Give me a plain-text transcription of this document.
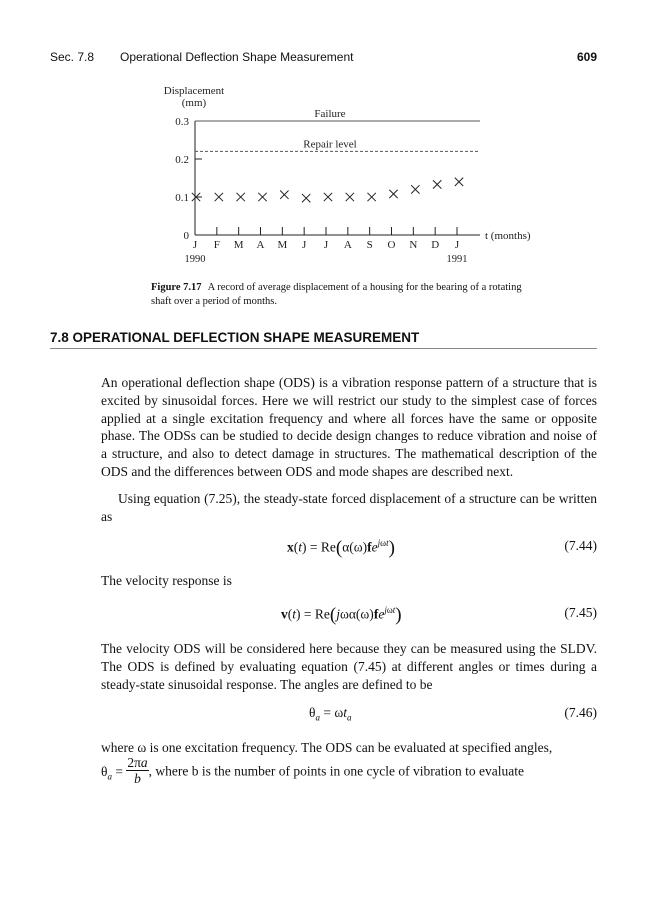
Sec. 7.8 Operational Deflection Shape Measurement	609
Displacement
(mm)
0
0.1
0.2
0.3
Failure
Repair level
J F M A M J J A S O N D J
1990	1991
t (months)
Figure 7.17 A record of average displacement of a housing for the bearing of a rotating shaft over a period of months.
7.8 OPERATIONAL DEFLECTION SHAPE MEASUREMENT

An operational deflection shape (ODS) is a vibration response pattern of a structure that is excited by sinusoidal forces. Here we will restrict our study to the simplest case of forces applied at a single excitation frequency and where all forces have the same or opposite phase. The ODSs can be studied to decide design changes to reduce vibration and noise of a structure, and also to detect damage in structures. The mathematical description of the ODS and the differences between ODS and mode shapes are described next.

Using equation (7.25), the steady-state forced displacement of a structure can be written as

$x(t) = Re(\alpha(\omega)fe^{j\omega t})$	(7.44)

The velocity response is

$v(t) = Re(j\omega\alpha(\omega)fe^{j\omega t})$	(7.45)

The velocity ODS will be considered here because they can be measured using the SLDV. The ODS is defined by evaluating equation (7.45) at different angles or times during a steady-state sinusoidal response. The angles are defined to be

$\theta_a = \omega t_a$	(7.46)

where ω is one excitation frequency. The ODS can be evaluated at specified angles,

$\theta_a = \frac{2\pi a}{b}$ , where b is the number of points in one cycle of vibration to evaluate
